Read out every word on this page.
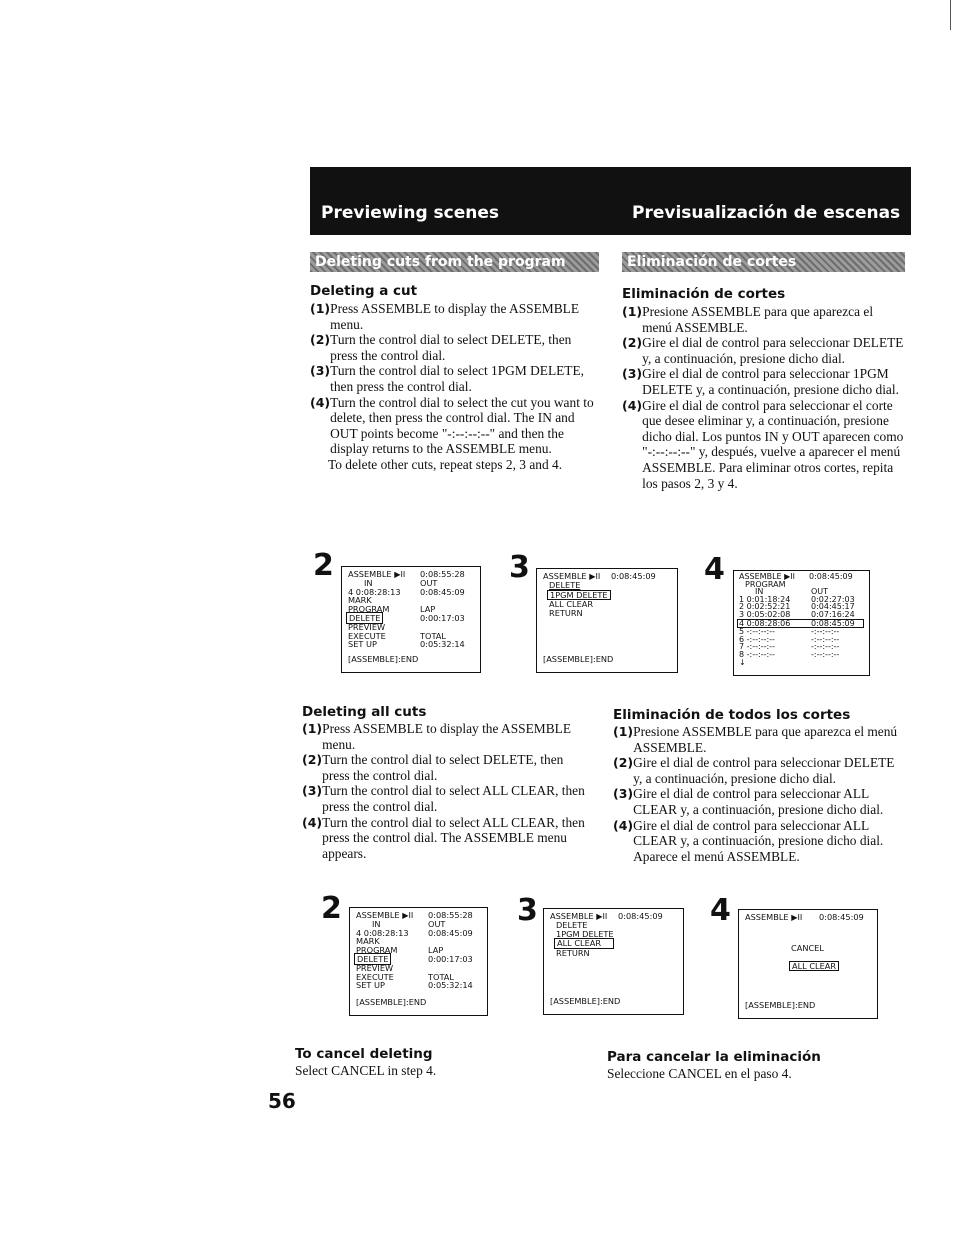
Previewing scenes	Previsualización de escenas
Deleting cuts from the program	Eliminación de cortes
Deleting a cut
(1) Press ASSEMBLE to display the ASSEMBLE menu.
(2) Turn the control dial to select DELETE, then press the control dial.
(3) Turn the control dial to select 1PGM DELETE, then press the control dial.
(4) Turn the control dial to select the cut you want to delete, then press the control dial. The IN and OUT points become "-:--:--:--" and then the display returns to the ASSEMBLE menu.
To delete other cuts, repeat steps 2, 3 and 4.
Eliminación de cortes
(1) Presione ASSEMBLE para que aparezca el menú ASSEMBLE.
(2) Gire el dial de control para seleccionar DELETE y, a continuación, presione dicho dial.
(3) Gire el dial de control para seleccionar 1PGM DELETE y, a continuación, presione dicho dial.
(4) Gire el dial de control para seleccionar el corte que desee eliminar y, a continuación, presione dicho dial. Los puntos IN y OUT aparecen como "-:--:--:--" y, después, vuelve a aparecer el menú ASSEMBLE. Para eliminar otros cortes, repita los pasos 2, 3 y 4.
2 ASSEMBLE ▶II	0:08:55:28
IN	OUT
4 0:08:28:13	0:08:45:09
MARK
PROGRAM	LAP
DELETE	0:00:17:03
PREVIEW
EXECUTE	TOTAL
SET UP	0:05:32:14
[ASSEMBLE]:END
3 ASSEMBLE ▶II	0:08:45:09
DELETE
1PGM DELETE
ALL CLEAR
RETURN
[ASSEMBLE]:END
4 ASSEMBLE ▶II	0:08:45:09
PROGRAM
IN	OUT
1 0:01:18:24	0:02:27:03
2 0:02:52:21	0:04:45:17
3 0:05:02:08	0:07:16:24
4 0:08:28:06	0:08:45:09
5 -:--:--:--	-:--:--:--
6 -:--:--:--	-:--:--:--
7 -:--:--:--	-:--:--:--
8 -:--:--:--	-:--:--:--
↓
Deleting all cuts
(1) Press ASSEMBLE to display the ASSEMBLE menu.
(2) Turn the control dial to select DELETE, then press the control dial.
(3) Turn the control dial to select ALL CLEAR, then press the control dial.
(4) Turn the control dial to select ALL CLEAR, then press the control dial. The ASSEMBLE menu appears.
Eliminación de todos los cortes
(1) Presione ASSEMBLE para que aparezca el menú ASSEMBLE.
(2) Gire el dial de control para seleccionar DELETE y, a continuación, presione dicho dial.
(3) Gire el dial de control para seleccionar ALL CLEAR y, a continuación, presione dicho dial.
(4) Gire el dial de control para seleccionar ALL CLEAR y, a continuación, presione dicho dial. Aparece el menú ASSEMBLE.
2 ASSEMBLE ▶II	0:08:55:28
IN	OUT
4 0:08:28:13	0:08:45:09
MARK
PROGRAM	LAP
DELETE	0:00:17:03
PREVIEW
EXECUTE	TOTAL
SET UP	0:05:32:14
[ASSEMBLE]:END
3 ASSEMBLE ▶II	0:08:45:09
DELETE
1PGM DELETE
ALL CLEAR
RETURN
[ASSEMBLE]:END
4 ASSEMBLE ▶II	0:08:45:09
CANCEL
ALL CLEAR
[ASSEMBLE]:END
To cancel deleting
Select CANCEL in step 4.
Para cancelar la eliminación
Seleccione CANCEL en el paso 4.
56
